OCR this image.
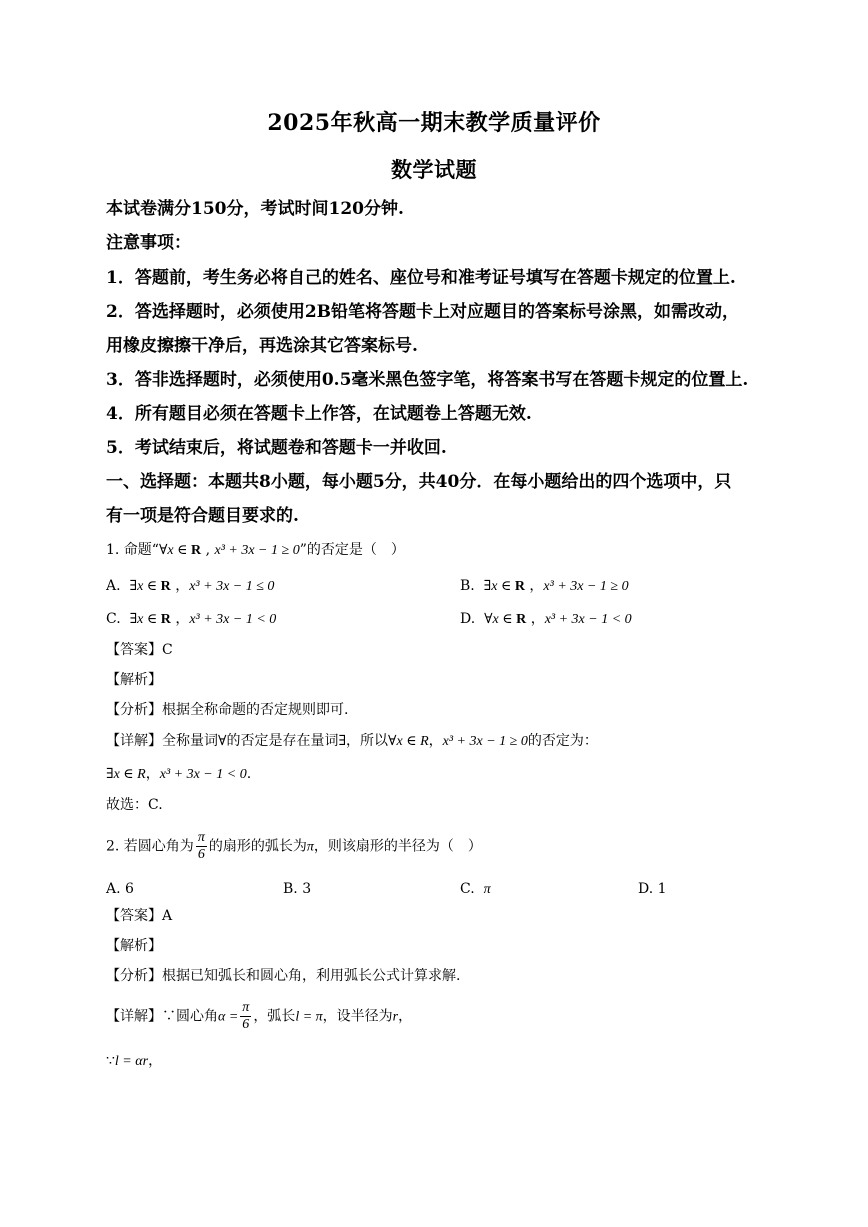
2025年秋高一期末教学质量评价
数学试题
本试卷满分150分，考试时间120分钟.
注意事项：
1．答题前，考生务必将自己的姓名、座位号和准考证号填写在答题卡规定的位置上.
2．答选择题时，必须使用2B铅笔将答题卡上对应题目的答案标号涂黑，如需改动，
用橡皮擦擦干净后，再选涂其它答案标号.
3．答非选择题时，必须使用0.5毫米黑色签字笔，将答案书写在答题卡规定的位置上.
4．所有题目必须在答题卡上作答，在试题卷上答题无效.
5．考试结束后，将试题卷和答题卡一并收回.
一、选择题：本题共8小题，每小题5分，共40分．在每小题给出的四个选项中，只
有一项是符合题目要求的.
1. 命题“∀x ∈ R , x³ + 3x − 1 ≥ 0”的否定是（　）
A. ∃x ∈ R ，x³ + 3x − 1 ≤ 0	B. ∃x ∈ R ，x³ + 3x − 1 ≥ 0
C. ∃x ∈ R ，x³ + 3x − 1 < 0	D. ∀x ∈ R ，x³ + 3x − 1 < 0
【答案】C
【解析】
【分析】根据全称命题的否定规则即可.
【详解】全称量词∀的否定是存在量词∃，所以∀x ∈ R，x³ + 3x − 1 ≥ 0的否定为：
∃x ∈ R，x³ + 3x − 1 < 0.
故选：C.
2. 若圆心角为 $\frac{\pi}{6}$ 的扇形的弧长为π，则该扇形的半径为（　）
A. 6	B. 3	C. π	D. 1
【答案】A
【解析】
【分析】根据已知弧长和圆心角，利用弧长公式计算求解.
【详解】∵圆心角$\alpha = \frac{\pi}{6}$ ，弧长l = π，设半径为r，
∵l = αr，
